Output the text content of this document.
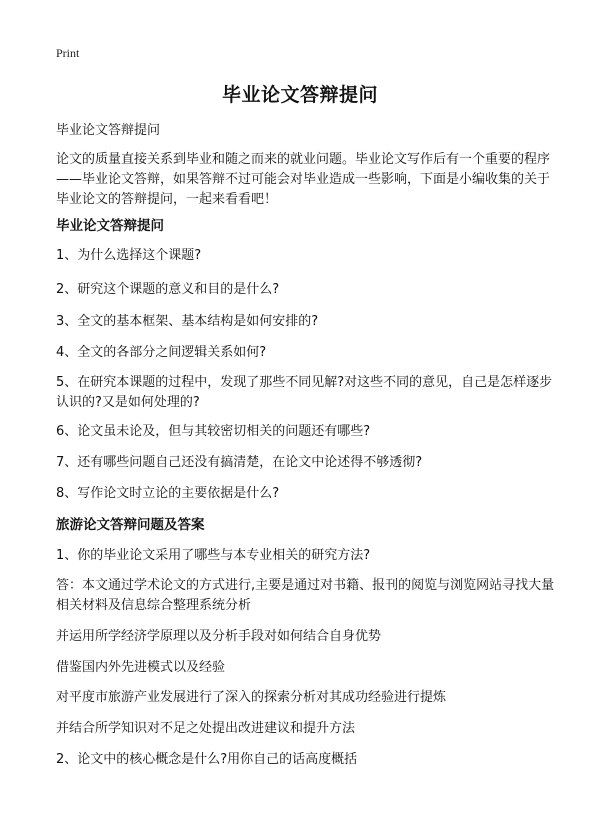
Print
毕业论文答辩提问
毕业论文答辩提问
论文的质量直接关系到毕业和随之而来的就业问题。毕业论文写作后有一个重要的程序——毕业论文答辩，如果答辩不过可能会对毕业造成一些影响，下面是小编收集的关于毕业论文的答辩提问，一起来看看吧！
毕业论文答辩提问
1、为什么选择这个课题?
2、研究这个课题的意义和目的是什么?
3、全文的基本框架、基本结构是如何安排的?
4、全文的各部分之间逻辑关系如何?
5、在研究本课题的过程中，发现了那些不同见解?对这些不同的意见，自己是怎样逐步认识的?又是如何处理的?
6、论文虽未论及，但与其较密切相关的问题还有哪些?
7、还有哪些问题自己还没有搞清楚，在论文中论述得不够透彻?
8、写作论文时立论的主要依据是什么?
旅游论文答辩问题及答案
1、你的毕业论文采用了哪些与本专业相关的研究方法?
答：本文通过学术论文的方式进行,主要是通过对书籍、报刊的阅览与浏览网站寻找大量相关材料及信息综合整理系统分析
并运用所学经济学原理以及分析手段对如何结合自身优势
借鉴国内外先进模式以及经验
对平度市旅游产业发展进行了深入的探索分析对其成功经验进行提炼
并结合所学知识对不足之处提出改进建议和提升方法
2、论文中的核心概念是什么?用你自己的话高度概括
